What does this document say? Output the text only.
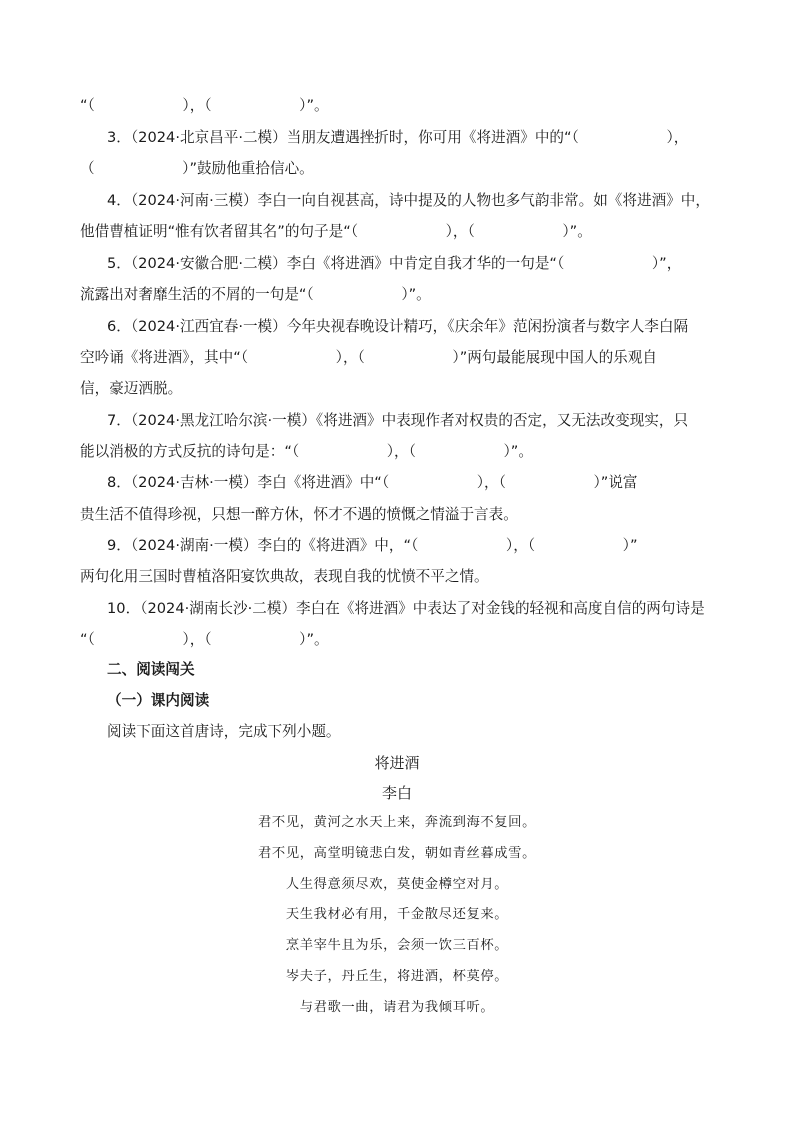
“（　　　　　　），（　　　　　　）”。
3．（2024·北京昌平·二模）当朋友遭遇挫折时，你可用《将进酒》中的“（　　　　　　），
（　　　　　　）”鼓励他重拾信心。
4．（2024·河南·三模）李白一向自视甚高，诗中提及的人物也多气韵非常。如《将进酒》中，
他借曹植证明“惟有饮者留其名”的句子是“（　　　　　　），（　　　　　　）”。
5．（2024·安徽合肥·二模）李白《将进酒》中肯定自我才华的一句是“（　　　　　　）”，
流露出对奢靡生活的不屑的一句是“（　　　　　　）”。
6．（2024·江西宜春·一模）今年央视春晚设计精巧，《庆余年》范闲扮演者与数字人李白隔
空吟诵《将进酒》，其中“（　　　　　　），（　　　　　　）”两句最能展现中国人的乐观自
信，豪迈洒脱。
7．（2024·黑龙江哈尔滨·一模）《将进酒》中表现作者对权贵的否定，又无法改变现实，只
能以消极的方式反抗的诗句是：“（　　　　　　），（　　　　　　）”。
8．（2024·吉林·一模）李白《将进酒》中“（　　　　　　），（　　　　　　）”说富
贵生活不值得珍视，只想一醉方休，怀才不遇的愤慨之情溢于言表。
9．（2024·湖南·一模）李白的《将进酒》中，“（　　　　　　），（　　　　　　）”
两句化用三国时曹植洛阳宴饮典故，表现自我的忧愤不平之情。
10．（2024·湖南长沙·二模）李白在《将进酒》中表达了对金钱的轻视和高度自信的两句诗是
“（　　　　　　），（　　　　　　）”。
二、阅读闯关
（一）课内阅读
阅读下面这首唐诗，完成下列小题。
将进酒
李白
君不见，黄河之水天上来，奔流到海不复回。
君不见，高堂明镜悲白发，朝如青丝暮成雪。
人生得意须尽欢，莫使金樽空对月。
天生我材必有用，千金散尽还复来。
烹羊宰牛且为乐，会须一饮三百杯。
岑夫子，丹丘生，将进酒，杯莫停。
与君歌一曲，请君为我倾耳听。
